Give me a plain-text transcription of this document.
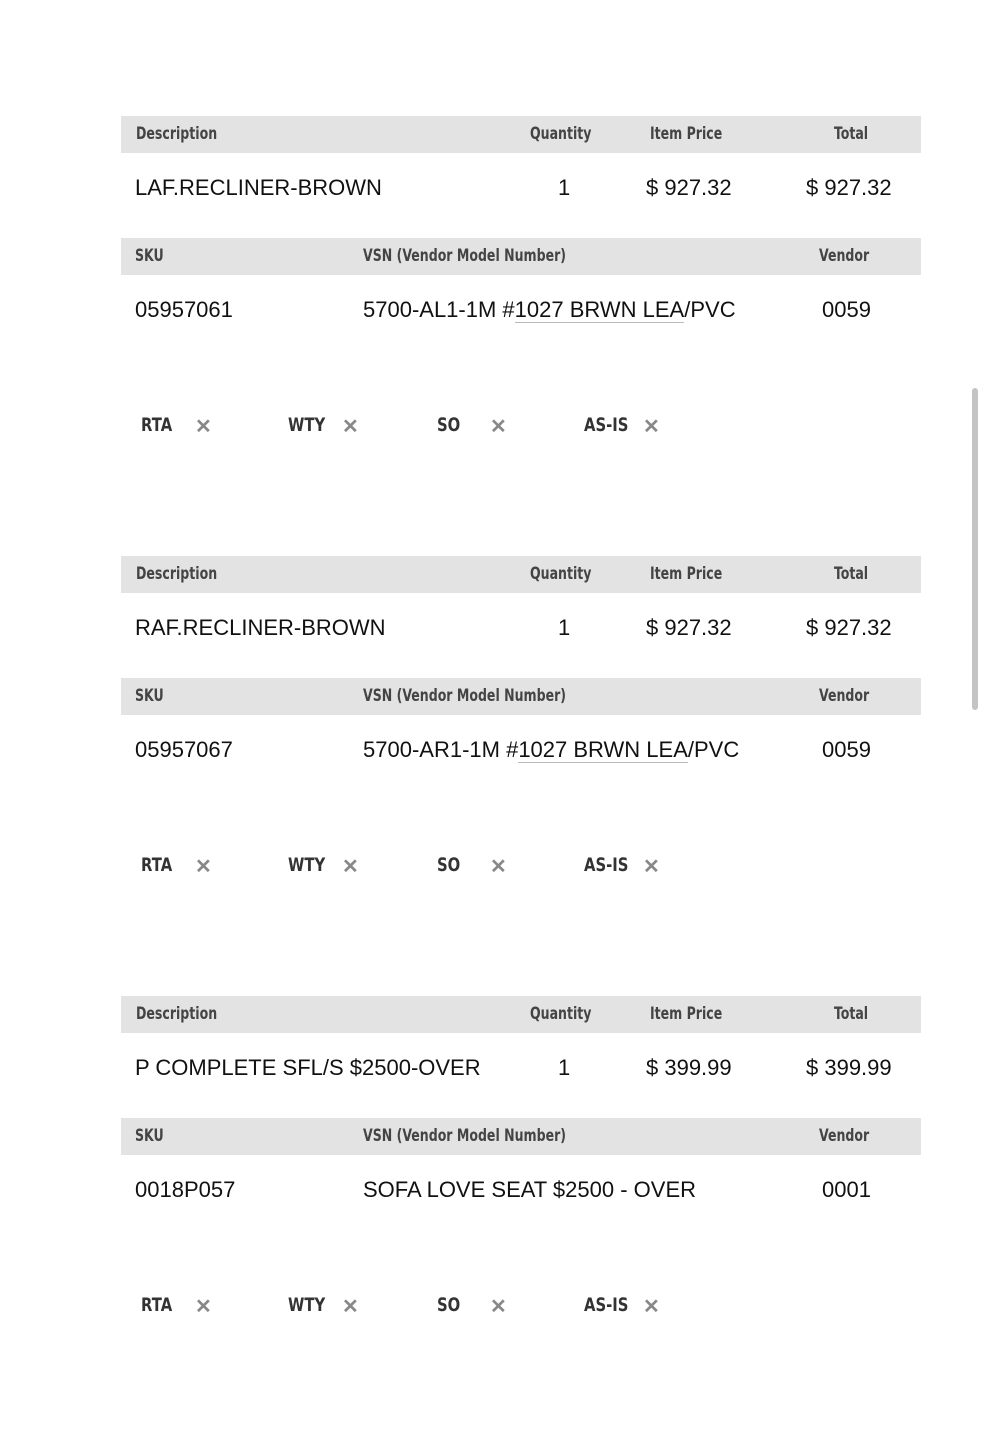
Description	Quantity	Item Price	Total
LAF.RECLINER-BROWN	1	$ 927.32	$ 927.32
SKU	VSN (Vendor Model Number)	Vendor
05957061	5700-AL1-1M #1027 BRWN LEA/PVC	0059
RTA ✕	WTY ✕	SO ✕	AS-IS ✕
Description	Quantity	Item Price	Total
RAF.RECLINER-BROWN	1	$ 927.32	$ 927.32
SKU	VSN (Vendor Model Number)	Vendor
05957067	5700-AR1-1M #1027 BRWN LEA/PVC	0059
RTA ✕	WTY ✕	SO ✕	AS-IS ✕
Description	Quantity	Item Price	Total
P COMPLETE SFL/S $2500-OVER	1	$ 399.99	$ 399.99
SKU	VSN (Vendor Model Number)	Vendor
0018P057	SOFA LOVE SEAT $2500 - OVER	0001
RTA ✕	WTY ✕	SO ✕	AS-IS ✕
